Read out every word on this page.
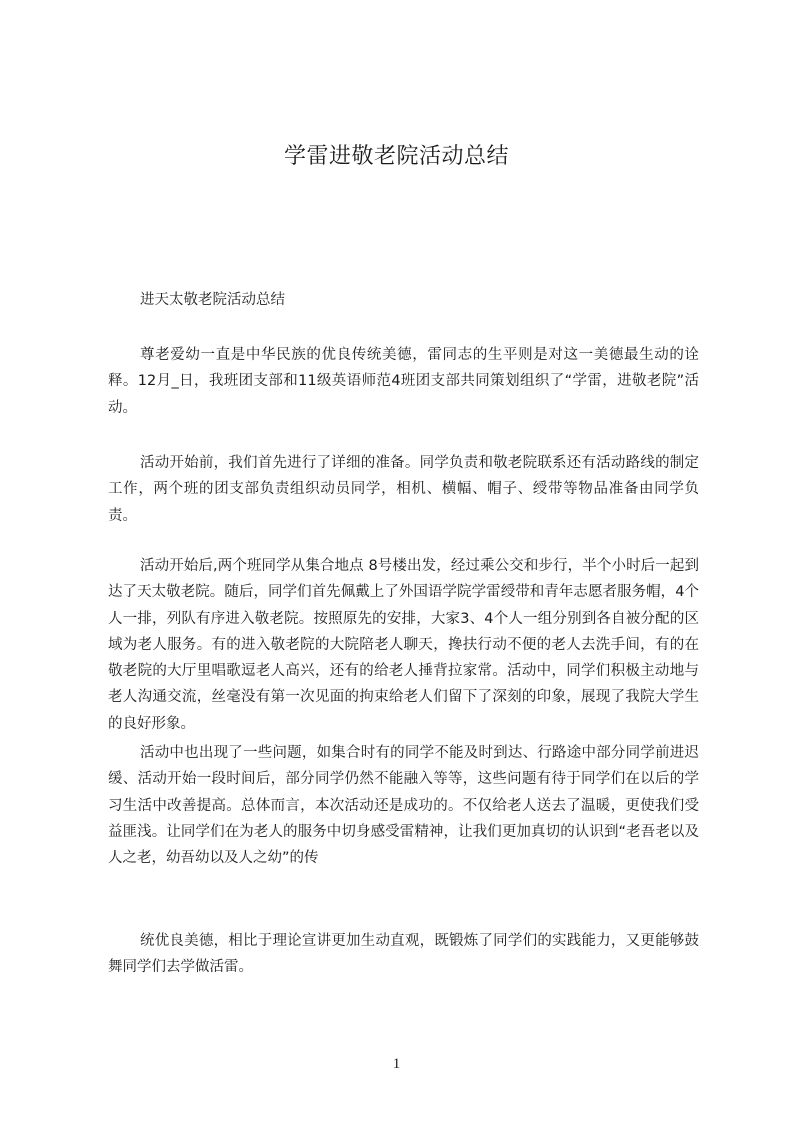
学雷进敬老院活动总结

进天太敬老院活动总结

尊老爱幼一直是中华民族的优良传统美德，雷同志的生平则是对这一美德最生动的诠释。12月_日，我班团支部和11级英语师范4班团支部共同策划组织了“学雷，进敬老院”活动。

活动开始前，我们首先进行了详细的准备。同学负责和敬老院联系还有活动路线的制定工作，两个班的团支部负责组织动员同学，相机、横幅、帽子、绶带等物品准备由同学负责。

活动开始后,两个班同学从集合地点 8号楼出发，经过乘公交和步行，半个小时后一起到达了天太敬老院。随后，同学们首先佩戴上了外国语学院学雷绶带和青年志愿者服务帽，4个人一排，列队有序进入敬老院。按照原先的安排，大家3、4个人一组分别到各自被分配的区域为老人服务。有的进入敬老院的大院陪老人聊天，搀扶行动不便的老人去洗手间，有的在敬老院的大厅里唱歌逗老人高兴，还有的给老人捶背拉家常。活动中，同学们积极主动地与老人沟通交流，丝毫没有第一次见面的拘束给老人们留下了深刻的印象，展现了我院大学生的良好形象。

活动中也出现了一些问题，如集合时有的同学不能及时到达、行路途中部分同学前进迟缓、活动开始一段时间后，部分同学仍然不能融入等等，这些问题有待于同学们在以后的学习生活中改善提高。总体而言，本次活动还是成功的。不仅给老人送去了温暖，更使我们受益匪浅。让同学们在为老人的服务中切身感受雷精神，让我们更加真切的认识到“老吾老以及人之老，幼吾幼以及人之幼”的传

统优良美德，相比于理论宣讲更加生动直观，既锻炼了同学们的实践能力，又更能够鼓舞同学们去学做活雷。

1
